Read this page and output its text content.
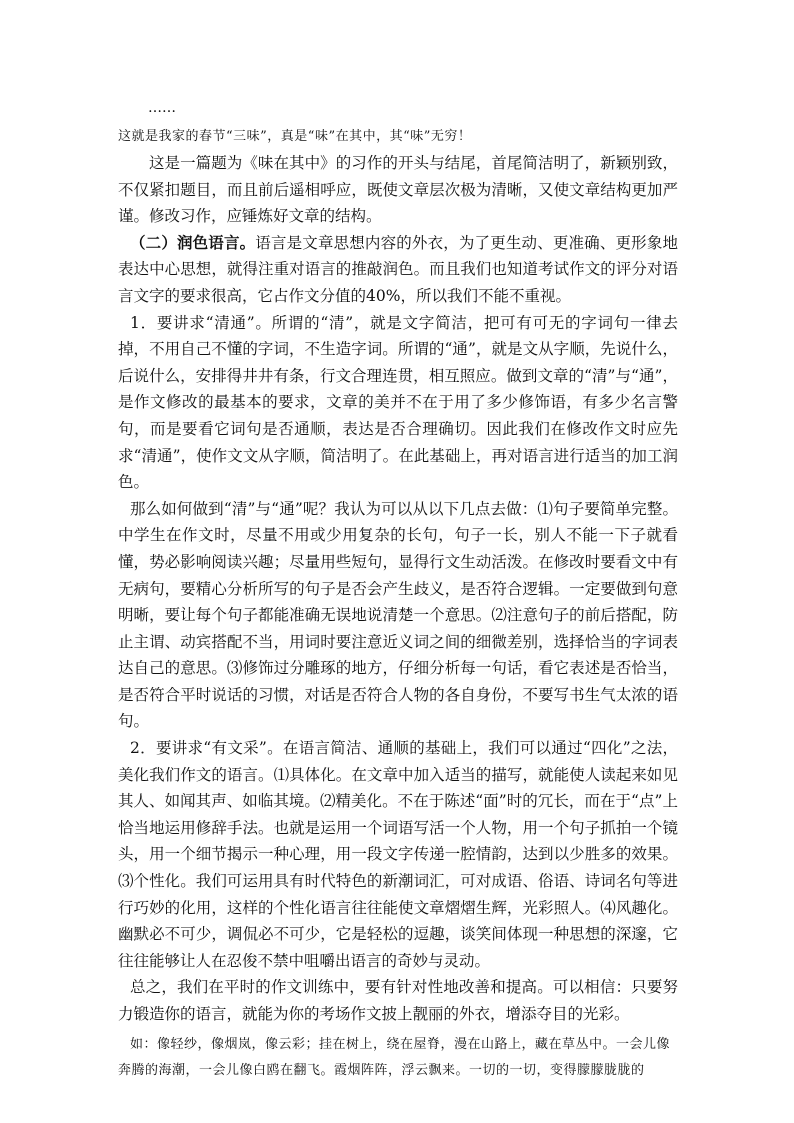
……

这就是我家的春节“三味”，真是“味”在其中，其“味”无穷！

这是一篇题为《味在其中》的习作的开头与结尾，首尾简洁明了，新颖别致，不仅紧扣题目，而且前后遥相呼应，既使文章层次极为清晰，又使文章结构更加严谨。修改习作，应锤炼好文章的结构。

（二）润色语言。语言是文章思想内容的外衣，为了更生动、更准确、更形象地表达中心思想，就得注重对语言的推敲润色。而且我们也知道考试作文的评分对语言文字的要求很高，它占作文分值的40%，所以我们不能不重视。

1．要讲求“清通”。所谓的“清”，就是文字简洁，把可有可无的字词句一律去掉，不用自己不懂的字词，不生造字词。所谓的“通”，就是文从字顺，先说什么，后说什么，安排得井井有条，行文合理连贯，相互照应。做到文章的“清”与“通”，是作文修改的最基本的要求，文章的美并不在于用了多少修饰语，有多少名言警句，而是要看它词句是否通顺，表达是否合理确切。因此我们在修改作文时应先求“清通”，使作文文从字顺，简洁明了。在此基础上，再对语言进行适当的加工润色。

那么如何做到“清”与“通”呢？我认为可以从以下几点去做：⑴句子要简单完整。中学生在作文时，尽量不用或少用复杂的长句，句子一长，别人不能一下子就看懂，势必影响阅读兴趣；尽量用些短句，显得行文生动活泼。在修改时要看文中有无病句，要精心分析所写的句子是否会产生歧义，是否符合逻辑。一定要做到句意明晰，要让每个句子都能准确无误地说清楚一个意思。⑵注意句子的前后搭配，防止主谓、动宾搭配不当，用词时要注意近义词之间的细微差别，选择恰当的字词表达自己的意思。⑶修饰过分雕琢的地方，仔细分析每一句话，看它表述是否恰当，是否符合平时说话的习惯，对话是否符合人物的各自身份，不要写书生气太浓的语句。

2．要讲求“有文采”。在语言简洁、通顺的基础上，我们可以通过“四化”之法，美化我们作文的语言。⑴具体化。在文章中加入适当的描写，就能使人读起来如见其人、如闻其声、如临其境。⑵精美化。不在于陈述“面”时的冗长，而在于“点”上恰当地运用修辞手法。也就是运用一个词语写活一个人物，用一个句子抓拍一个镜头，用一个细节揭示一种心理，用一段文字传递一腔情韵，达到以少胜多的效果。⑶个性化。我们可运用具有时代特色的新潮词汇，可对成语、俗语、诗词名句等进行巧妙的化用，这样的个性化语言往往能使文章熠熠生辉，光彩照人。⑷风趣化。幽默必不可少，调侃必不可少，它是轻松的逗趣，谈笑间体现一种思想的深邃，它往往能够让人在忍俊不禁中咀嚼出语言的奇妙与灵动。

总之，我们在平时的作文训练中，要有针对性地改善和提高。可以相信：只要努力锻造你的语言，就能为你的考场作文披上靓丽的外衣，增添夺目的光彩。

如：像轻纱，像烟岚，像云彩；挂在树上，绕在屋脊，漫在山路上，藏在草丛中。一会儿像奔腾的海潮，一会儿像白鸥在翻飞。霞烟阵阵，浮云飘来。一切的一切，变得朦朦胧胧的
